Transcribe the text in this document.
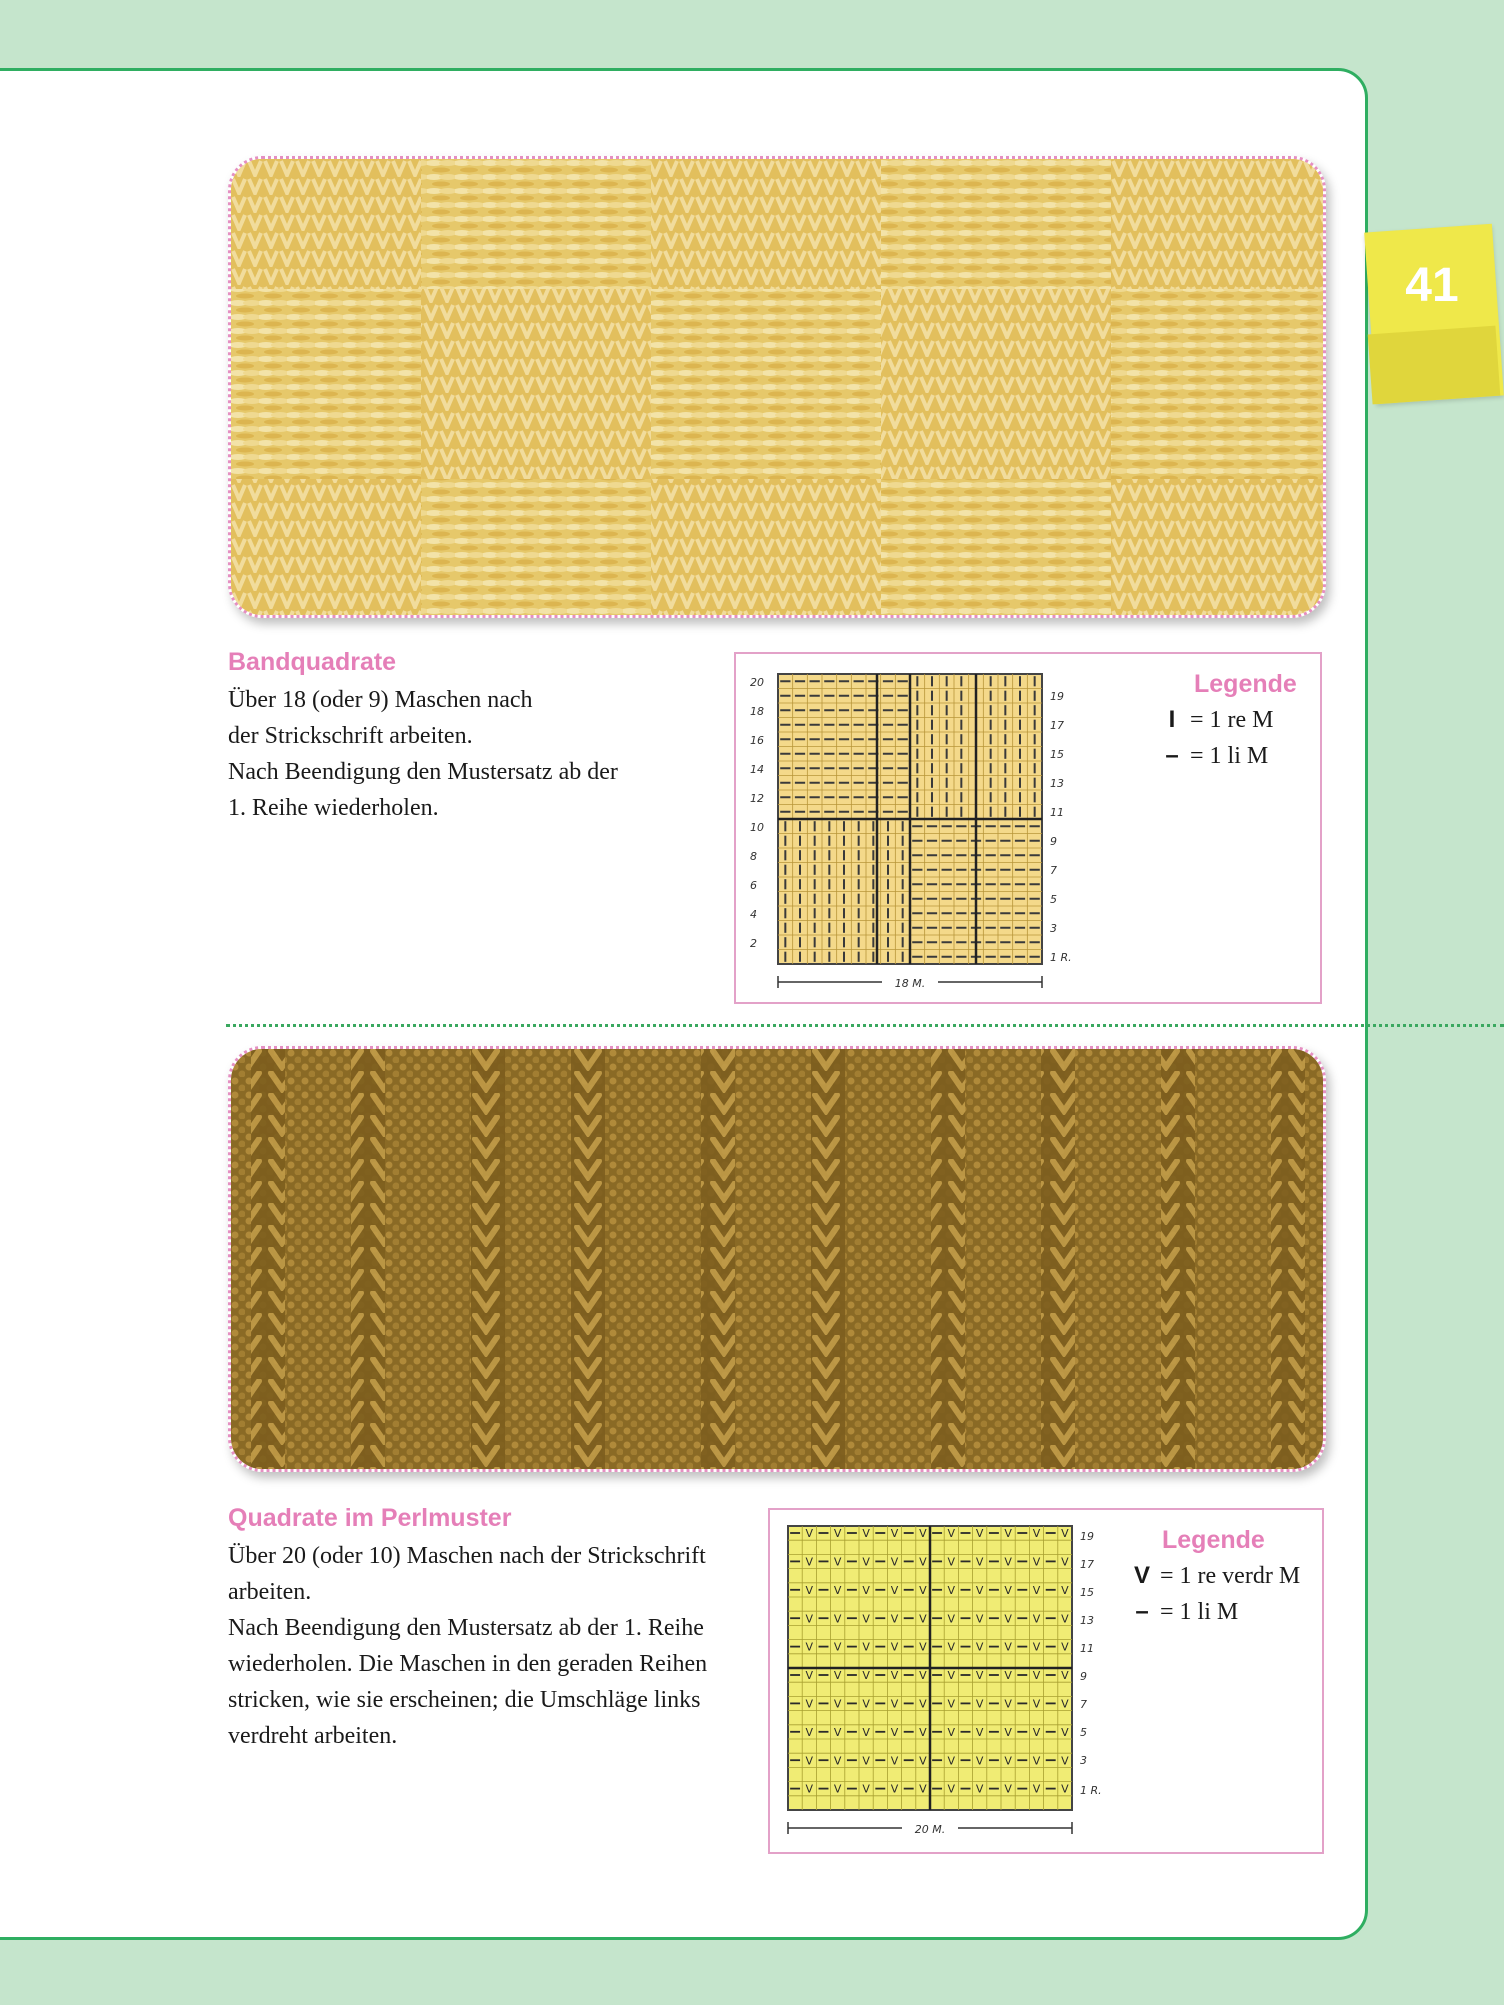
41
Bandquadrate
Über 18 (oder 9) Maschen nach
der Strickschrift arbeiten.
Nach Beendigung den Mustersatz ab der
1. Reihe wiederholen.
20
18
16
14
12
10
8
6
4
2
19
17
15
13
11
9
7
5
3
1 R.
18 M.
Legende
I = 1 re M
– = 1 li M
Quadrate im Perlmuster
Über 20 (oder 10) Maschen nach der Strickschrift
arbeiten.
Nach Beendigung den Mustersatz ab der 1. Reihe
wiederholen. Die Maschen in den geraden Reihen
stricken, wie sie erscheinen; die Umschläge links
verdreht arbeiten.
V V V V V V V V V V
V V V V V V V V V V
V V V V V V V V V V
V V V V V V V V V V
V V V V V V V V V V
V V V V V V V V V V
V V V V V V V V V V
V V V V V V V V V V
V V V V V V V V V V
V V V V V V V V V V
19
17
15
13
11
9
7
5
3
1 R.
20 M.
Legende
V = 1 re verdr M
– = 1 li M
